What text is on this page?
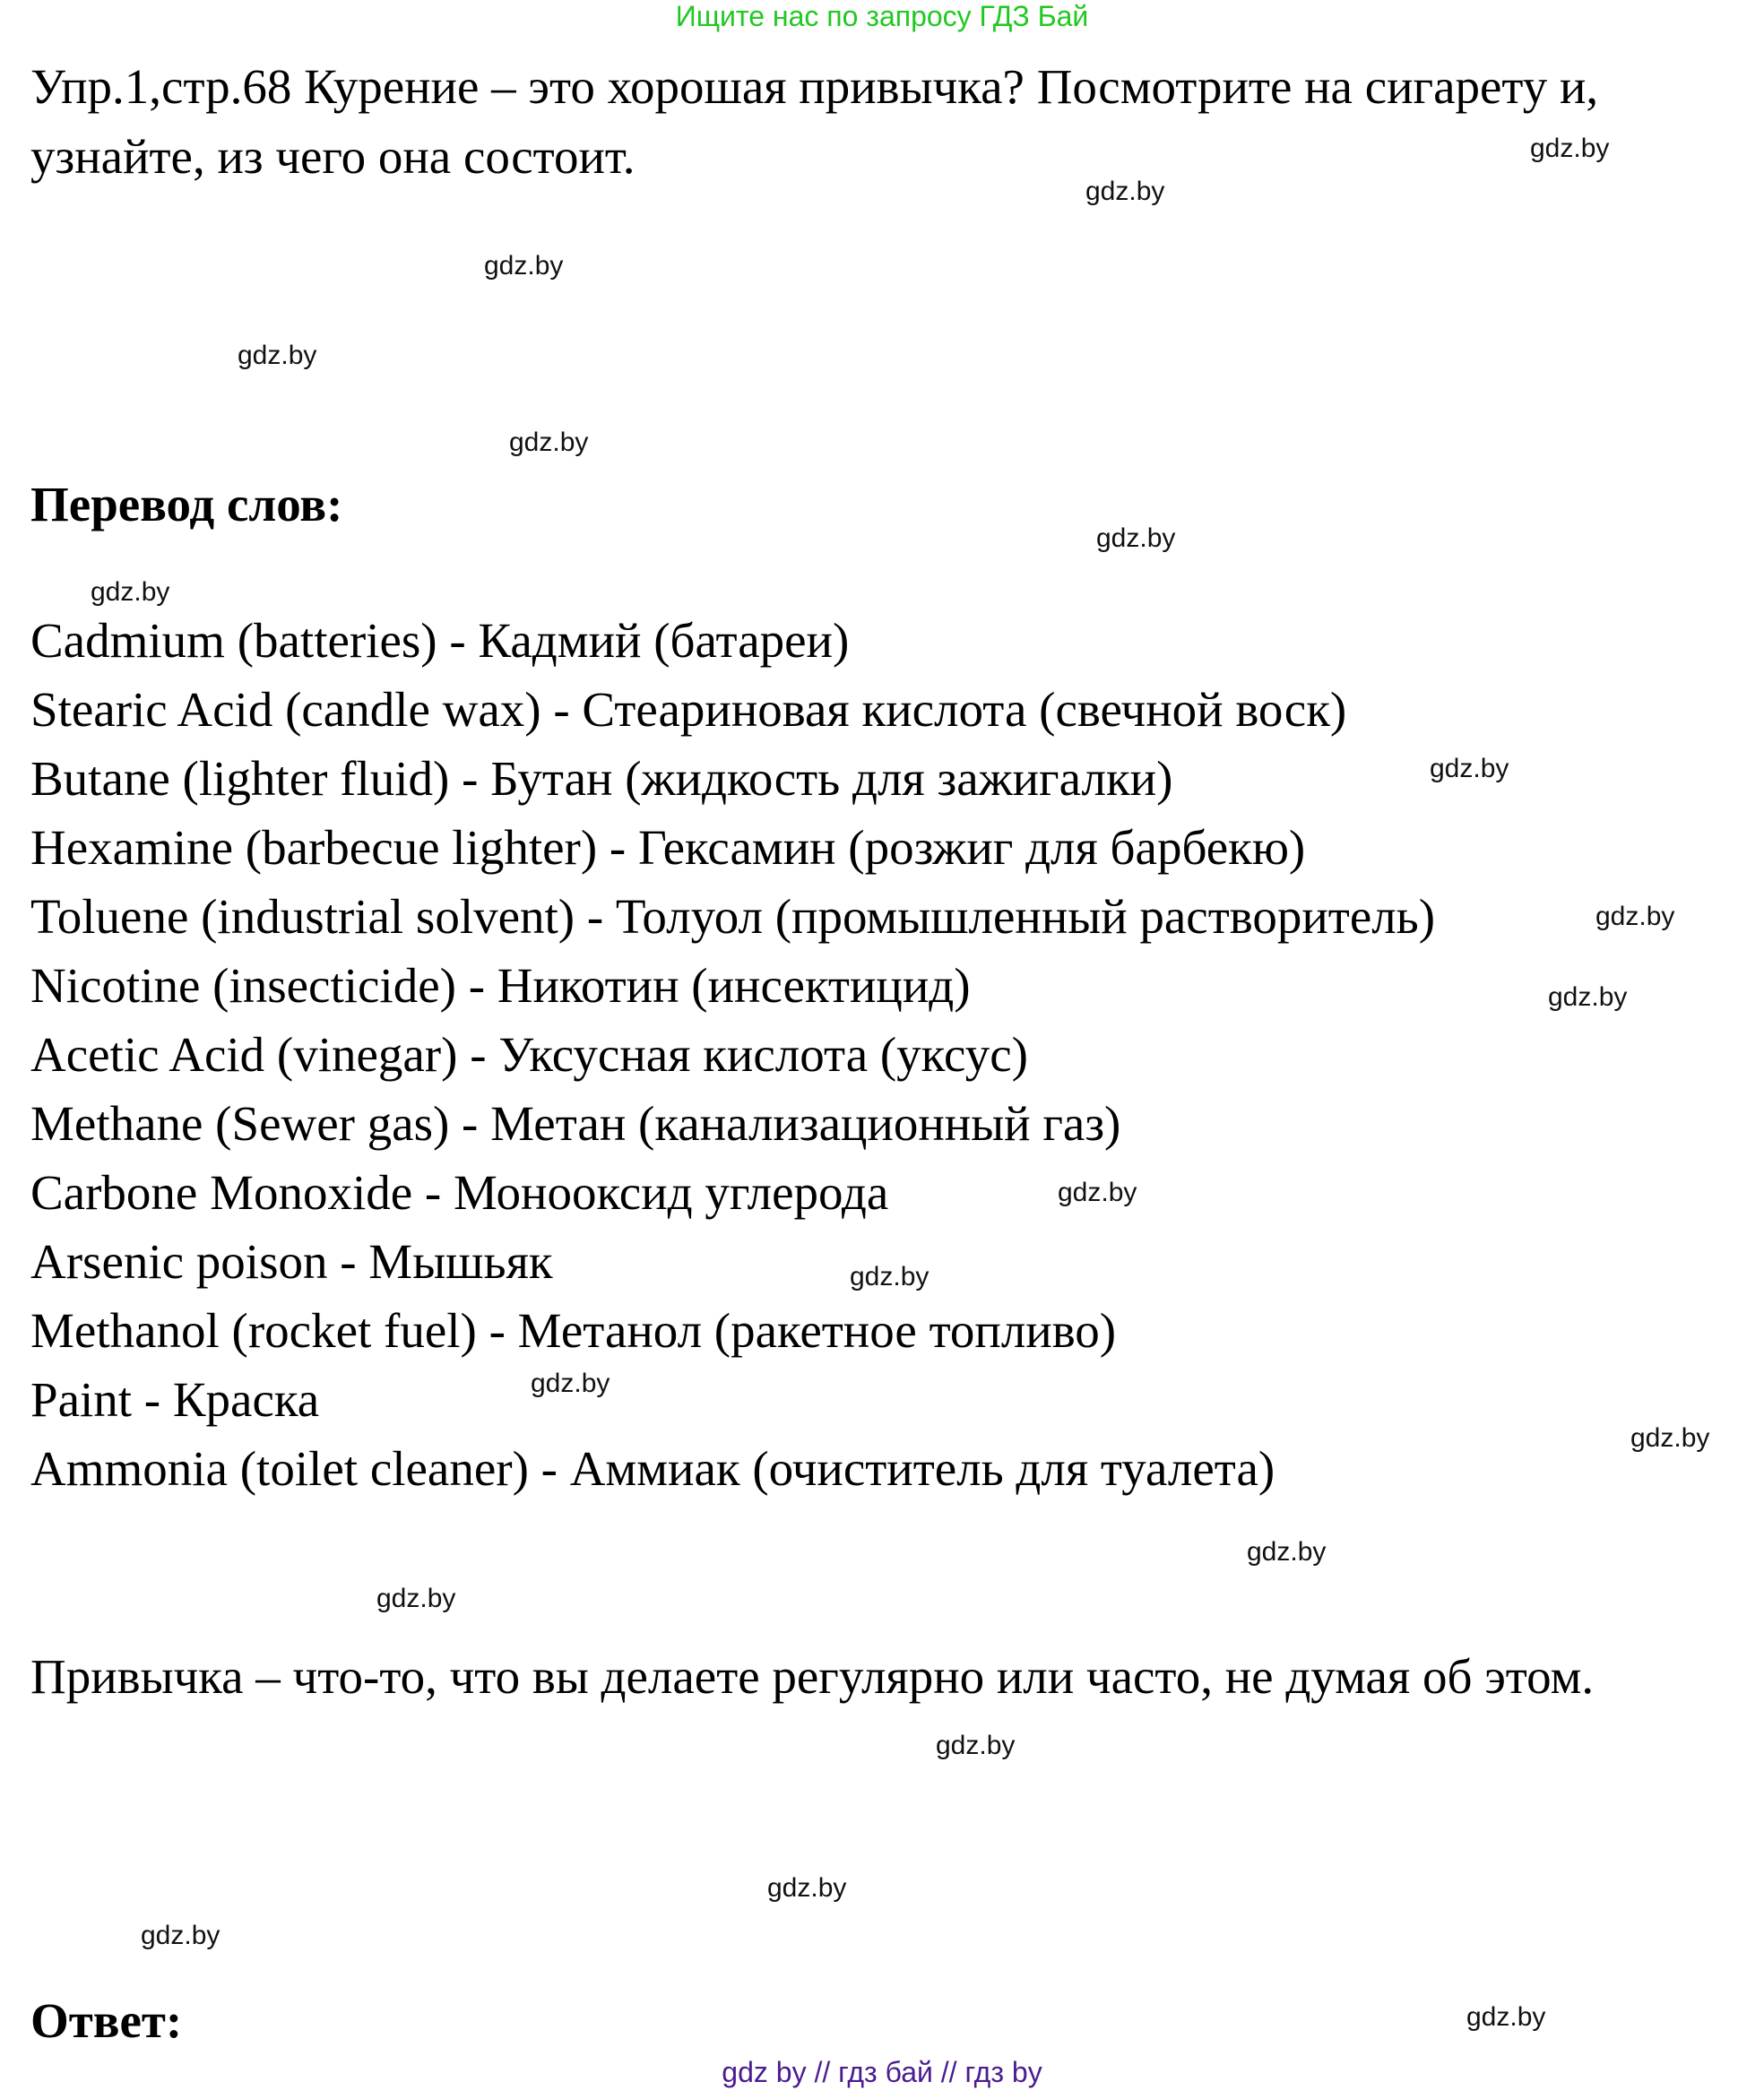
Ищите нас по запросу ГДЗ Бай
Упр.1,стр.68 Курение – это хорошая привычка? Посмотрите на сигарету и,
узнайте, из чего она состоит.
Перевод слов:
Cadmium (batteries) - Кадмий (батареи)
Stearic Acid (candle wax) - Стеариновая кислота (свечной воск)
Butane (lighter fluid) - Бутан (жидкость для зажигалки)
Hexamine (barbecue lighter) - Гексамин (розжиг для барбекю)
Toluene (industrial solvent) - Толуол (промышленный растворитель)
Nicotine (insecticide) - Никотин (инсектицид)
Acetic Acid (vinegar) - Уксусная кислота (уксус)
Methane (Sewer gas) - Метан (канализационный газ)
Carbone Monoxide - Монооксид углерода
Arsenic poison - Мышьяк
Methanol (rocket fuel) - Метанол (ракетное топливо)
Paint - Краска
Ammonia (toilet cleaner) - Аммиак (очиститель для туалета)
Привычка – что-то, что вы делаете регулярно или часто, не думая об этом.
Ответ:
gdz.by
gdz.by
gdz.by
gdz.by
gdz.by
gdz.by
gdz.by
gdz.by
gdz.by
gdz.by
gdz.by
gdz.by
gdz.by
gdz.by
gdz.by
gdz.by
gdz.by
gdz.by
gdz.by
gdz.by
gdz by // гдз бай // гдз by
